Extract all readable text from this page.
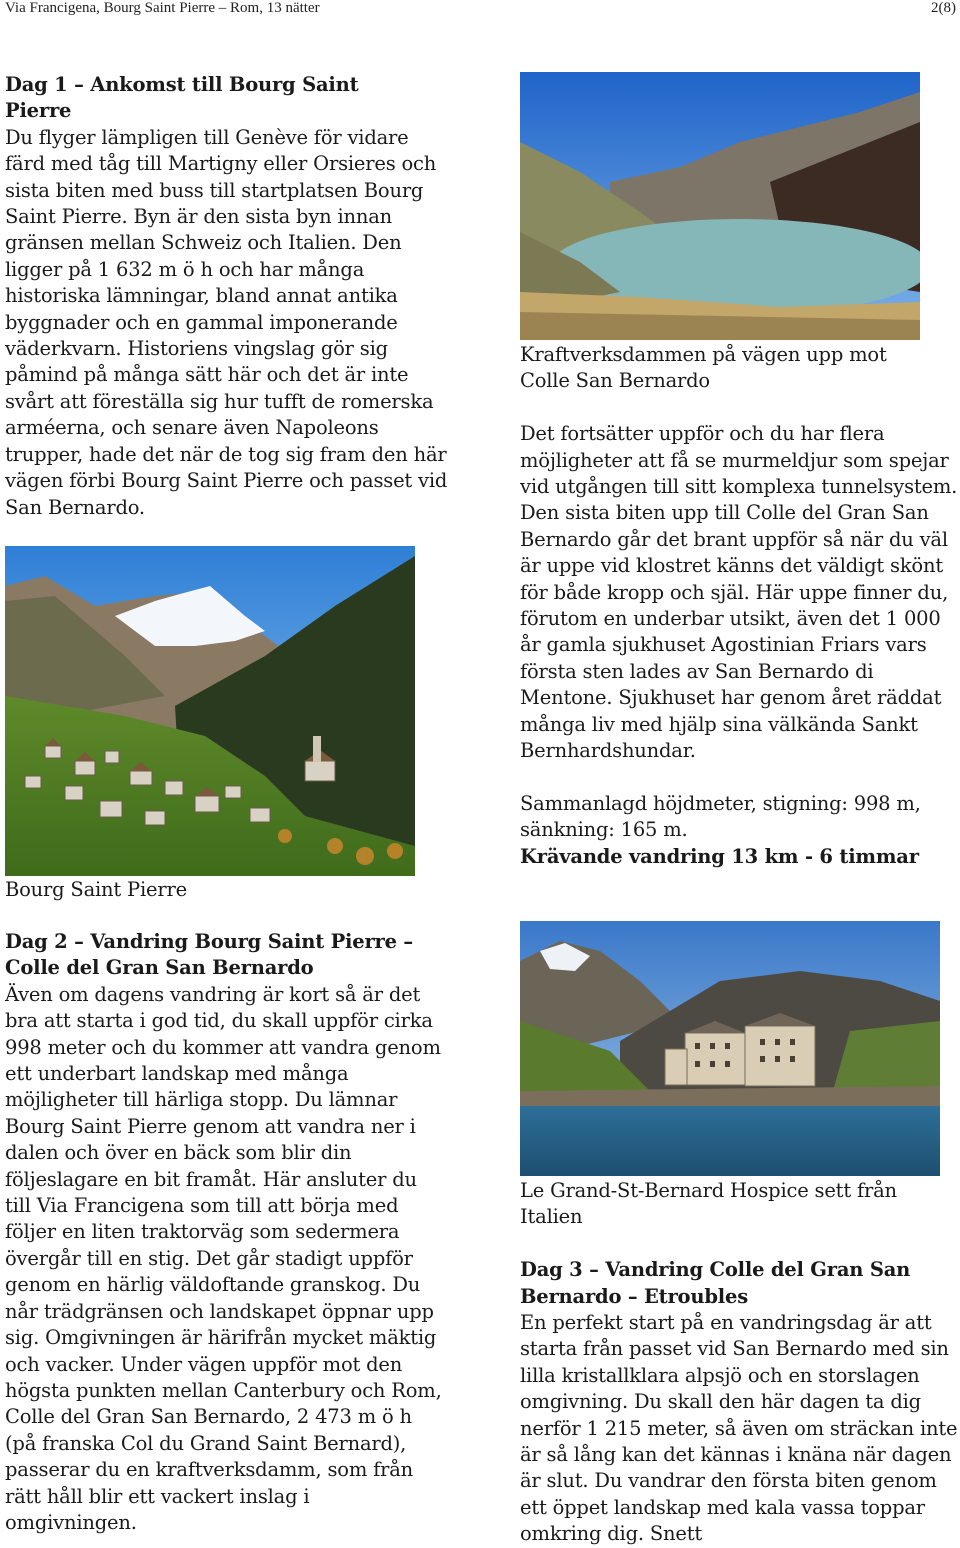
Via Francigena, Bourg Saint Pierre – Rom, 13 nätter	2(8)

Dag 1 – Ankomst till Bourg Saint Pierre

Du flyger lämpligen till Genève för vidare färd med tåg till Martigny eller Orsieres och sista biten med buss till startplatsen Bourg Saint Pierre. Byn är den sista byn innan gränsen mellan Schweiz och Italien. Den ligger på 1 632 m ö h och har många historiska lämningar, bland annat antika byggnader och en gammal imponerande väderkvarn. Historiens vingslag gör sig påmind på många sätt här och det är inte svårt att föreställa sig hur tufft de romerska arméerna, och senare även Napoleons trupper, hade det när de tog sig fram den här vägen förbi Bourg Saint Pierre och passet vid San Bernardo.

Bourg Saint Pierre

Dag 2 – Vandring Bourg Saint Pierre – Colle del Gran San Bernardo

Även om dagens vandring är kort så är det bra att starta i god tid, du skall uppför cirka 998 meter och du kommer att vandra genom ett underbart landskap med många möjligheter till härliga stopp. Du lämnar Bourg Saint Pierre genom att vandra ner i dalen och över en bäck som blir din följeslagare en bit framåt. Här ansluter du till Via Francigena som till att börja med följer en liten traktorväg som sedermera övergår till en stig. Det går stadigt uppför genom en härlig väldoftande granskog. Du når trädgränsen och landskapet öppnar upp sig. Omgivningen är härifrån mycket mäktig och vacker. Under vägen uppför mot den högsta punkten mellan Canterbury och Rom, Colle del Gran San Bernardo, 2 473 m ö h (på franska Col du Grand Saint Bernard), passerar du en kraftverksdamm, som från rätt håll blir ett vackert inslag i omgivningen.

Kraftverksdammen på vägen upp mot Colle San Bernardo

Det fortsätter uppför och du har flera möjligheter att få se murmeldjur som spejar vid utgången till sitt komplexa tunnelsystem. Den sista biten upp till Colle del Gran San Bernardo går det brant uppför så när du väl är uppe vid klostret känns det väldigt skönt för både kropp och själ. Här uppe finner du, förutom en underbar utsikt, även det 1 000 år gamla sjukhuset Agostinian Friars vars första sten lades av San Bernardo di Mentone. Sjukhuset har genom året räddat många liv med hjälp sina välkända Sankt Bernhardshundar.

Sammanlagd höjdmeter, stigning: 998 m, sänkning: 165 m.

Krävande vandring 13 km - 6 timmar

Le Grand-St-Bernard Hospice sett från Italien

Dag 3 – Vandring Colle del Gran San Bernardo – Etroubles

En perfekt start på en vandringsdag är att starta från passet vid San Bernardo med sin lilla kristallklara alpsjö och en storslagen omgivning. Du skall den här dagen ta dig nerför 1 215 meter, så även om sträckan inte är så lång kan det kännas i knäna när dagen är slut. Du vandrar den första biten genom ett öppet landskap med kala vassa toppar omkring dig. Snett
